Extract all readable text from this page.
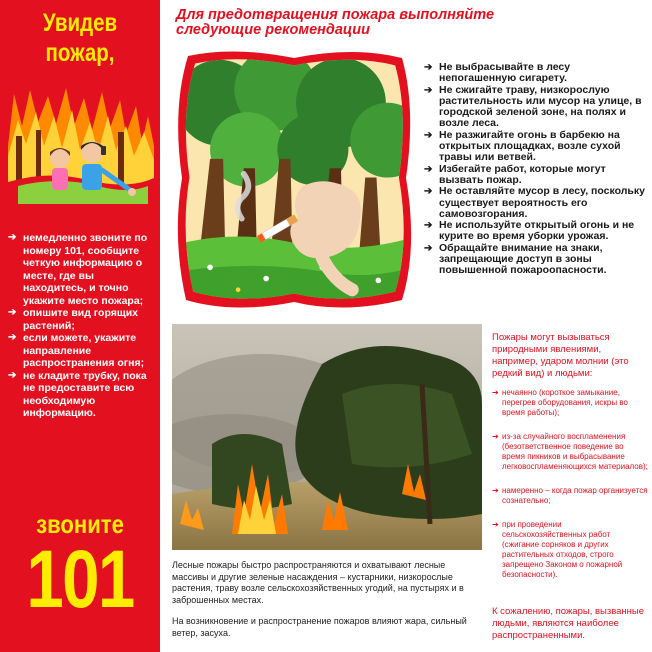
Увидев
пожар,
➔ немедленно звоните по номеру 101, сообщите четкую информацию о месте, где вы находитесь, и точно укажите место пожара;
➔ опишите вид горящих растений;
➔ если можете, укажите направление распространения огня;
➔ не кладите трубку, пока не предоставите всю необходимую информацию.
звоните
101
Для предотвращения пожара выполняйте
следующие рекомендации
➔ Не выбрасывайте в лесу непогашенную сигарету.
➔ Не сжигайте траву, низкорослую растительность или мусор на улице, в городской зеленой зоне, на полях и возле леса.
➔ Не разжигайте огонь в барбекю на открытых площадках, возле сухой травы или ветвей.
➔ Избегайте работ, которые могут вызвать пожар.
➔ Не оставляйте мусор в лесу, поскольку существует вероятность его самовозгорания.
➔ Не используйте открытый огонь и не курите во время уборки урожая.
➔ Обращайте внимание на знаки, запрещающие доступ в зоны повышенной пожароопасности.

Лесные пожары быстро распространяются и охватывают лесные массивы и другие зеленые насаждения – кустарники, низкорослые растения, траву возле сельскохозяйственных угодий, на пустырях и в заброшенных местах.

На возникновение и распространение пожаров влияют жара, сильный ветер, засуха.

Пожары могут вызываться природными явлениями, например, ударом молнии (это редкий вид) и людьми:

➔ нечаянно (короткое замыкание, перегрев оборудования, искры во время работы);
➔ из-за случайного воспламенения (безответственное поведение во время пикников и выбрасывание легковоспламеняющихся материалов);
➔ намеренно – когда пожар организуется сознательно;
➔ при проведении сельскохозяйственных работ (сжигание сорняков и других растительных отходов, строго запрещено Законом о пожарной безопасности).

К сожалению, пожары, вызванные людьми, являются наиболее распространенными.
